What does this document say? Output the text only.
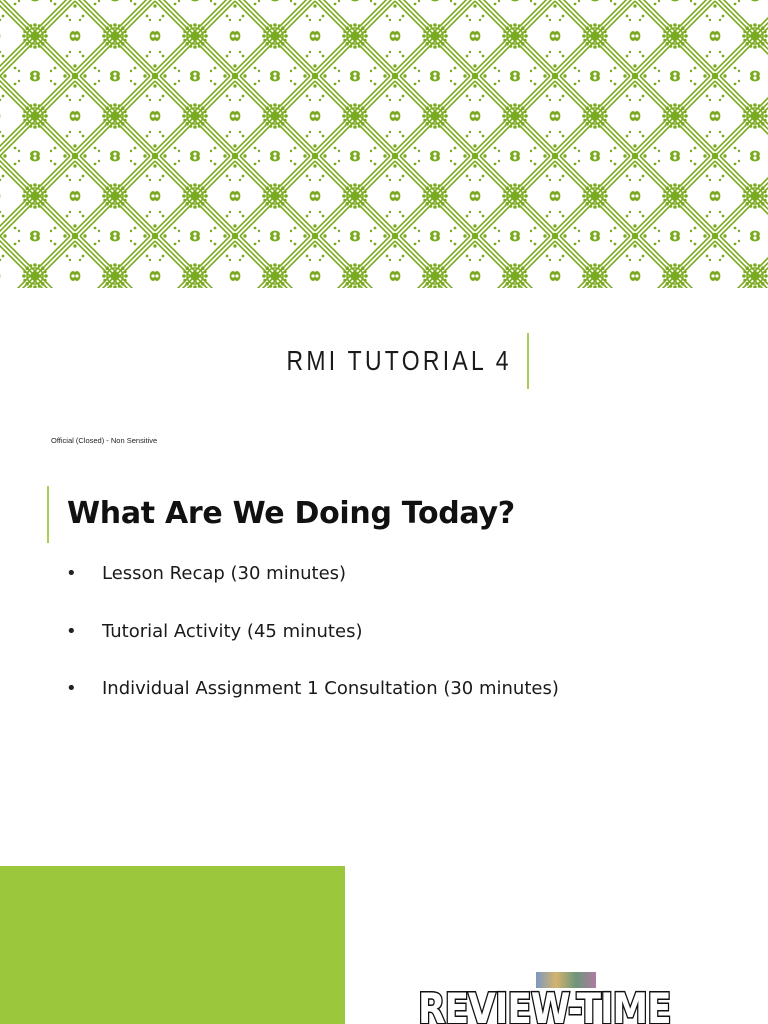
RMI TUTORIAL 4
Official (Closed) - Non Sensitive
What Are We Doing Today?
•	Lesson Recap (30 minutes)
•	Tutorial Activity (45 minutes)
•	Individual Assignment 1 Consultation (30 minutes)
REVIEW-TIME
